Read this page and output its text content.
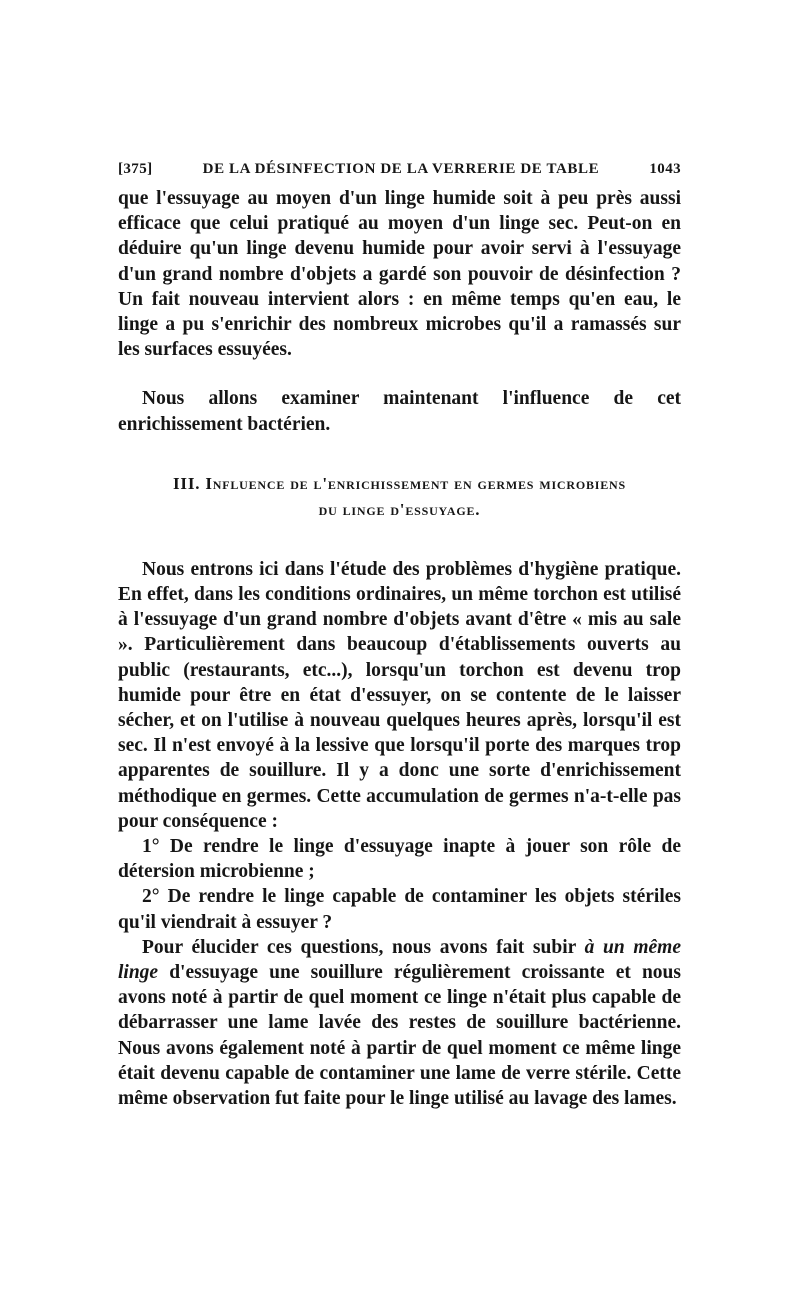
[375]	DE LA DÉSINFECTION DE LA VERRERIE DE TABLE	1043

que l'essuyage au moyen d'un linge humide soit à peu près aussi efficace que celui pratiqué au moyen d'un linge sec. Peut-on en déduire qu'un linge devenu humide pour avoir servi à l'essuyage d'un grand nombre d'objets a gardé son pouvoir de désinfection ? Un fait nouveau intervient alors : en même temps qu'en eau, le linge a pu s'enrichir des nombreux microbes qu'il a ramassés sur les surfaces essuyées.

Nous allons examiner maintenant l'influence de cet enrichissement bactérien.

III. Influence de l'enrichissement en germes microbiens
du linge d'essuyage.

Nous entrons ici dans l'étude des problèmes d'hygiène pratique. En effet, dans les conditions ordinaires, un même torchon est utilisé à l'essuyage d'un grand nombre d'objets avant d'être « mis au sale ». Particulièrement dans beaucoup d'établissements ouverts au public (restaurants, etc...), lorsqu'un torchon est devenu trop humide pour être en état d'essuyer, on se contente de le laisser sécher, et on l'utilise à nouveau quelques heures après, lorsqu'il est sec. Il n'est envoyé à la lessive que lorsqu'il porte des marques trop apparentes de souillure. Il y a donc une sorte d'enrichissement méthodique en germes. Cette accumulation de germes n'a-t-elle pas pour conséquence :

1° De rendre le linge d'essuyage inapte à jouer son rôle de détersion microbienne ;

2° De rendre le linge capable de contaminer les objets stériles qu'il viendrait à essuyer ?

Pour élucider ces questions, nous avons fait subir à un même linge d'essuyage une souillure régulièrement croissante et nous avons noté à partir de quel moment ce linge n'était plus capable de débarrasser une lame lavée des restes de souillure bactérienne. Nous avons également noté à partir de quel moment ce même linge était devenu capable de contaminer une lame de verre stérile. Cette même observation fut faite pour le linge utilisé au lavage des lames.
